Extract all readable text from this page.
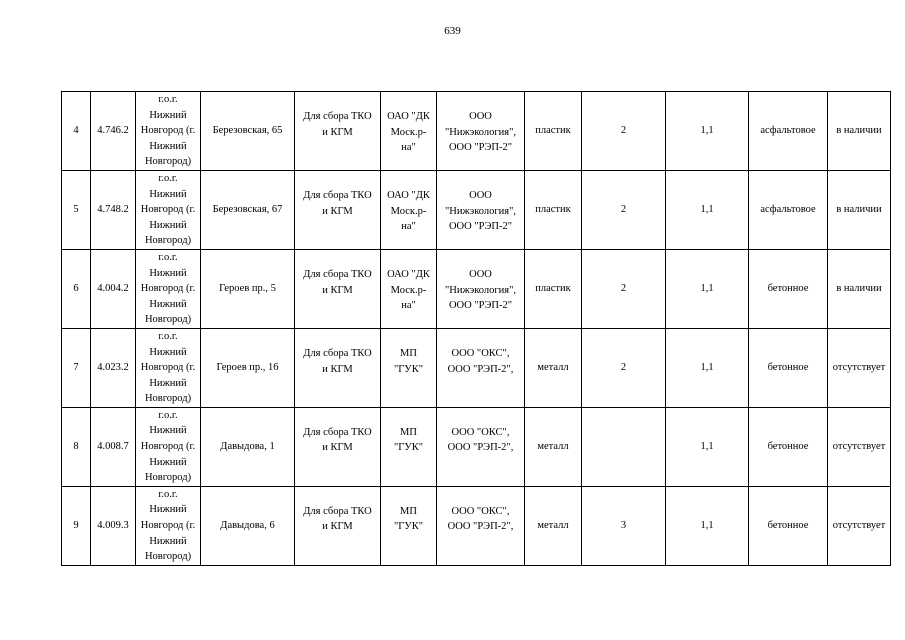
639
4	4.746.2	г.о.г.
Нижний
Новгород (г.
Нижний
Новгород)	Березовская, 65	Для сбора ТКО
и КГМ	ОАО "ДК
Моск.р-
на"	ООО
"Нижэкология",
ООО "РЭП-2"	пластик	2	1,1	асфальтовое	в наличии

5	4.748.2	г.о.г.
Нижний
Новгород (г.
Нижний
Новгород)	Березовская, 67	Для сбора ТКО
и КГМ	ОАО "ДК
Моск.р-
на"	ООО
"Нижэкология",
ООО "РЭП-2"	пластик	2	1,1	асфальтовое	в наличии

6	4.004.2	г.о.г.
Нижний
Новгород (г.
Нижний
Новгород)	Героев пр., 5	Для сбора ТКО
и КГМ	ОАО "ДК
Моск.р-
на"	ООО
"Нижэкология",
ООО "РЭП-2"	пластик	2	1,1	бетонное	в наличии

7	4.023.2	г.о.г.
Нижний
Новгород (г.
Нижний
Новгород)	Героев пр., 16	Для сбора ТКО
и КГМ	МП
"ГУК"	ООО "ОКС",
ООО "РЭП-2",	металл	2	1,1	бетонное	отсутствует

8	4.008.7	г.о.г.
Нижний
Новгород (г.
Нижний
Новгород)	Давыдова, 1	Для сбора ТКО
и КГМ	МП
"ГУК"	ООО "ОКС",
ООО "РЭП-2",	металл		1,1	бетонное	отсутствует

9	4.009.3	г.о.г.
Нижний
Новгород (г.
Нижний
Новгород)	Давыдова, 6	Для сбора ТКО
и КГМ	МП
"ГУК"	ООО "ОКС",
ООО "РЭП-2",	металл	3	1,1	бетонное	отсутствует
